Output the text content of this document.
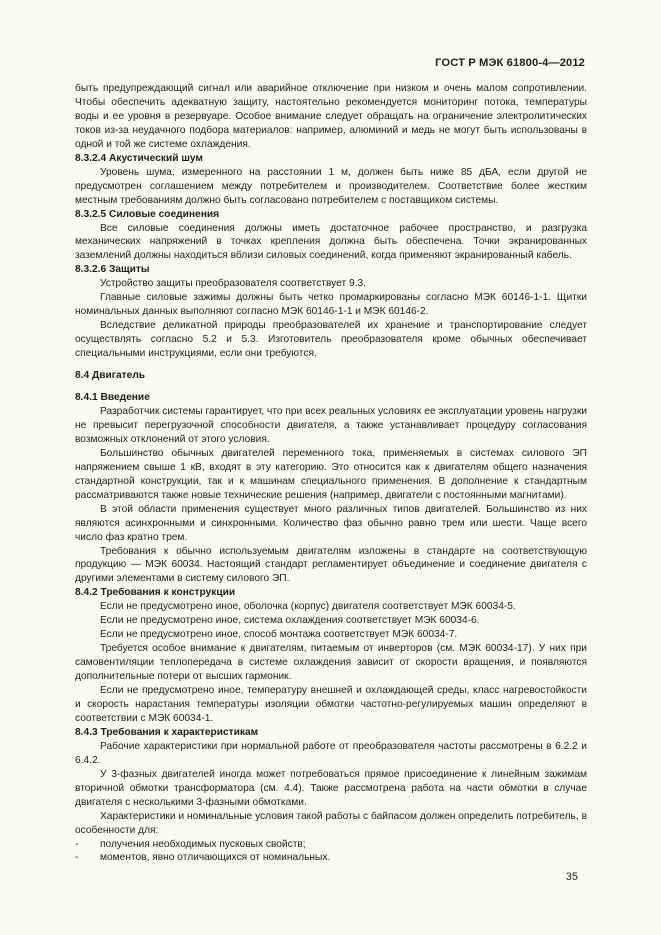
ГОСТ Р МЭК 61800-4—2012
быть предупреждающий сигнал или аварийное отключение при низком и очень малом сопротивлении. Чтобы обеспечить адекватную защиту, настоятельно рекомендуется мониторинг потока, температуры воды и ее уровня в резервуаре. Особое внимание следует обращать на ограничение электролитических токов из-за неудачного подбора материалов: например, алюминий и медь не могут быть использованы в одной и той же системе охлаждения.
8.3.2.4 Акустический шум
Уровень шума, измеренного на расстоянии 1 м, должен быть ниже 85 дБА, если другой не предусмотрен соглашением между потребителем и производителем. Соответствие более жестким местным требованиям должно быть согласовано потребителем с поставщиком системы.
8.3.2.5 Силовые соединения
Все силовые соединения должны иметь достаточное рабочее пространство, и разгрузка механических напряжений в точках крепления должна быть обеспечена. Точки экранированных заземлений должны находиться вблизи силовых соединений, когда применяют экранированный кабель.
8.3.2.6 Защиты
Устройство защиты преобразователя соответствует 9.3.
Главные силовые зажимы должны быть четко промаркированы согласно МЭК 60146-1-1. Щитки номинальных данных выполняют согласно МЭК 60146-1-1 и МЭК 60146-2.
Вследствие деликатной природы преобразователей их хранение и транспортирование следует осуществлять согласно 5.2 и 5.3. Изготовитель преобразователя кроме обычных обеспечивает специальными инструкциями, если они требуются.
8.4 Двигатель
8.4.1 Введение
Разработчик системы гарантирует, что при всех реальных условиях ее эксплуатации уровень нагрузки не превысит перегрузочной способности двигателя, а также устанавливает процедуру согласования возможных отклонений от этого условия.
Большинство обычных двигателей переменного тока, применяемых в системах силового ЭП напряжением свыше 1 кВ, входят в эту категорию. Это относится как к двигателям общего назначения стандартной конструкции, так и к машинам специального применения. В дополнение к стандартным рассматриваются также новые технические решения (например, двигатели с постоянными магнитами).
В этой области применения существует много различных типов двигателей. Большинство из них являются асинхронными и синхронными. Количество фаз обычно равно трем или шести. Чаще всего число фаз кратно трем.
Требования к обычно используемым двигателям изложены в стандарте на соответствующую продукцию — МЭК 60034. Настоящий стандарт регламентирует объединение и соединение двигателя с другими элементами в систему силового ЭП.
8.4.2 Требования к конструкции
Если не предусмотрено иное, оболочка (корпус) двигателя соответствует МЭК 60034-5.
Если не предусмотрено иное, система охлаждения соответствует МЭК 60034-6.
Если не предусмотрено иное, способ монтажа соответствует МЭК 60034-7.
Требуется особое внимание к двигателям, питаемым от инверторов (см. МЭК 60034-17). У них при самовентиляции теплопередача в системе охлаждения зависит от скорости вращения, и появляются дополнительные потери от высших гармоник.
Если не предусмотрено иное, температуру внешней и охлаждающей среды, класс нагревостойкости и скорость нарастания температуры изоляции обмотки частотно-регулируемых машин определяют в соответствии с МЭК 60034-1.
8.4.3 Требования к характеристикам
Рабочие характеристики при нормальной работе от преобразователя частоты рассмотрены в 6.2.2 и 6.4.2.
У 3-фазных двигателей иногда может потребоваться прямое присоединение к линейным зажимам вторичной обмотки трансформатора (см. 4.4). Также рассмотрена работа на части обмотки в случае двигателя с несколькими 3-фазными обмотками.
Характеристики и номинальные условия такой работы с байпасом должен определить потребитель, в особенности для:
- получения необходимых пусковых свойств;
- моментов, явно отличающихся от номинальных.
35
